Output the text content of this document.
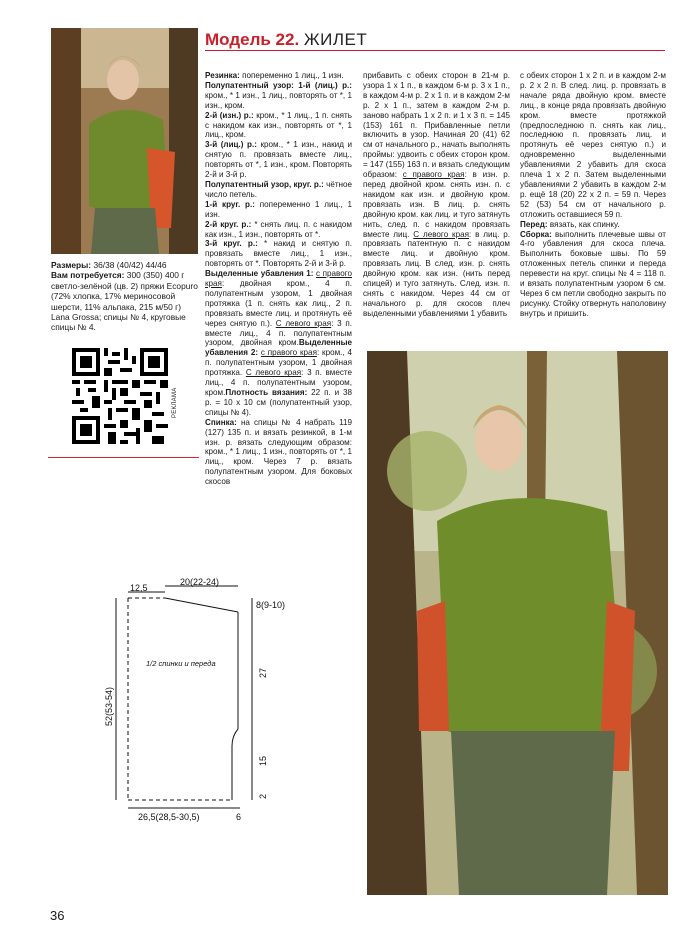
Размеры: 36/38 (40/42) 44/46
Вам потребуется: 300 (350) 400 г светло-зелёной (цв. 2) пряжи Ecopuro (72% хлопка, 17% мериносовой шерсти, 11% альпака, 215 м/50 г) Lana Grossa; спицы № 4, круговые спицы № 4.
РЕКЛАМА
Модель 22. ЖИЛЕТ
Резинка: попеременно 1 лиц., 1 изн.
Полупатентный узор: 1-й (лиц.) р.: кром., * 1 изн., 1 лиц., повторять от *, 1 изн., кром.
2-й (изн.) р.: кром., * 1 лиц., 1 п. снять с накидом как изн., повторять от *, 1 лиц., кром.
3-й (лиц.) р.: кром., * 1 изн., накид и снятую п. провязать вместе лиц., повторять от *, 1 изн., кром. Повторять 2-й и 3-й р.
Полупатентный узор, круг. р.: чётное число петель.
1-й круг. р.: попеременно 1 лиц., 1 изн.
2-й круг. р.: * снять лиц. п. с накидом как изн., 1 изн., повторять от *.
3-й круг. р.: * накид и снятую п. провязать вместе лиц., 1 изн., повторять от *. Повторять 2-й и 3-й р.
Выделенные убавления 1: с правого края: двойная кром., 4 п. полупатентным узором, 1 двойная протяжка (1 п. снять как лиц., 2 п. провязать вместе лиц. и протянуть её через снятую п.). С левого края: 3 п. вместе лиц., 4 п. полупатентным узором, двойная кром.Выделенные убавления 2: с правого края: кром., 4 п. полупатентным узором, 1 двойная протяжка. С левого края: 3 п. вместе лиц., 4 п. полупатентным узором, кром.Плотность вязания: 22 п. и 38 р. = 10 х 10 см (полупатентный узор, спицы № 4).
Спинка: на спицы № 4 набрать 119 (127) 135 п. и вязать резинкой, в 1-м изн. р. вязать следующим образом: кром., * 1 лиц., 1 изн., повторять от *, 1 лиц., кром. Через 7 р. вязать полупатентным узором. Для боковых скосов
прибавить с обеих сторон в 21-м р. узора 1 х 1 п., в каждом 6-м р. 3 х 1 п., в каждом 4-м р. 2 х 1 п. и в каждом 2-м р. 2 х 1 п., затем в каждом 2-м р. заново набрать 1 х 2 п. и 1 х 3 п. = 145 (153) 161 п. Прибавленные петли включить в узор. Начиная 20 (41) 62 см от начального р., начать выполнять проймы: удвоить с обеих сторон кром. = 147 (155) 163 п. и вязать следующим образом: с правого края: в изн. р. перед двойной кром. снять изн. п. с накидом как изн. и двойную кром. провязать изн. В лиц. р. снять двойную кром. как лиц. и туго затянуть нить, след. п. с накидом провязать вместе лиц. С левого края: в лиц. р. провязать патентную п. с накидом вместе лиц. и двойную кром. провязать лиц. В след. изн. р. снять двойную кром. как изн. (нить перед спицей) и туго затянуть. След. изн. п. снять с накидом. Через 44 см от начального р. для скосов плеч выделенными убавлениями 1 убавить

с обеих сторон 1 х 2 п. и в каждом 2-м р. 2 х 2 п. В след. лиц. р. провязать в начале ряда двойную кром. вместе лиц., в конце ряда провязать двойную кром. вместе протяжкой (предпоследнюю п. снять как лиц., последнюю п. провязать лиц. и протянуть её через снятую п.) и одновременно выделенными убавлениями 2 убавить для скоса плеча 1 х 2 п. Затем выделенными убавлениями 2 убавить в каждом 2-м р. ещё 18 (20) 22 х 2 п. = 59 п. Через 52 (53) 54 см от начального р. отложить оставшиеся 59 п.

Перед: вязать, как спинку.

Сборка: выполнить плечевые швы от 4-го убавления для скоса плеча. Выполнить боковые швы. По 59 отложенных петель спинки и переда перевести на круг. спицы № 4 = 118 п. и вязать полупатентным узором 6 см. Через 6 см петли свободно закрыть по рисунку. Стойку отвернуть наполовину внутрь и пришить.

12,5
20(22-24)
8(9-10)
1/2 спинки и переда
27
15
2
52(53-54)
26,5(28,5-30,5)	6
36
